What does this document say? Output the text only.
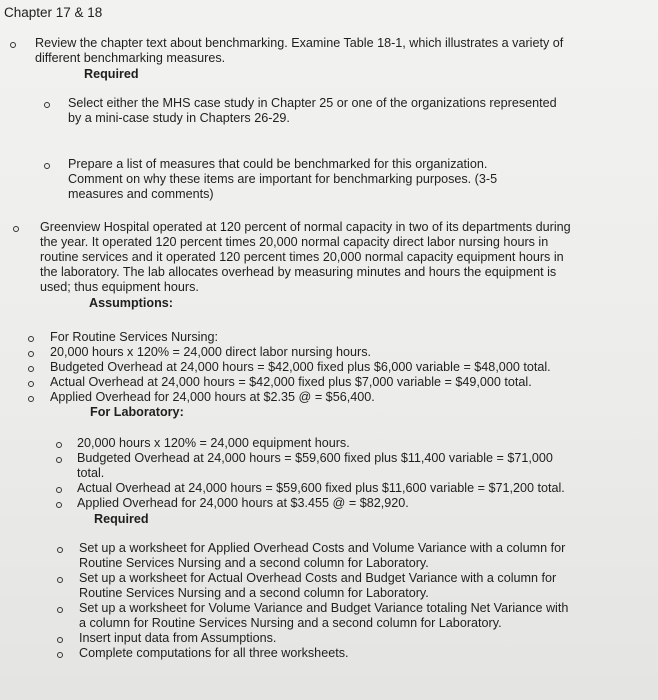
Chapter 17 & 18
Review the chapter text about benchmarking. Examine Table 18-1, which illustrates a variety of
different benchmarking measures.
Required
Select either the MHS case study in Chapter 25 or one of the organizations represented
by a mini-case study in Chapters 26-29.
Prepare a list of measures that could be benchmarked for this organization.
Comment on why these items are important for benchmarking purposes. (3-5
measures and comments)
Greenview Hospital operated at 120 percent of normal capacity in two of its departments during
the year. It operated 120 percent times 20,000 normal capacity direct labor nursing hours in
routine services and it operated 120 percent times 20,000 normal capacity equipment hours in
the laboratory. The lab allocates overhead by measuring minutes and hours the equipment is
used; thus equipment hours.
Assumptions:
For Routine Services Nursing:
20,000 hours x 120% = 24,000 direct labor nursing hours.
Budgeted Overhead at 24,000 hours = $42,000 fixed plus $6,000 variable = $48,000 total.
Actual Overhead at 24,000 hours = $42,000 fixed plus $7,000 variable = $49,000 total.
Applied Overhead for 24,000 hours at $2.35 @ = $56,400.
For Laboratory:
20,000 hours x 120% = 24,000 equipment hours.
Budgeted Overhead at 24,000 hours = $59,600 fixed plus $11,400 variable = $71,000
total.
Actual Overhead at 24,000 hours = $59,600 fixed plus $11,600 variable = $71,200 total.
Applied Overhead for 24,000 hours at $3.455 @ = $82,920.
Required
Set up a worksheet for Applied Overhead Costs and Volume Variance with a column for
Routine Services Nursing and a second column for Laboratory.
Set up a worksheet for Actual Overhead Costs and Budget Variance with a column for
Routine Services Nursing and a second column for Laboratory.
Set up a worksheet for Volume Variance and Budget Variance totaling Net Variance with
a column for Routine Services Nursing and a second column for Laboratory.
Insert input data from Assumptions.
Complete computations for all three worksheets.
